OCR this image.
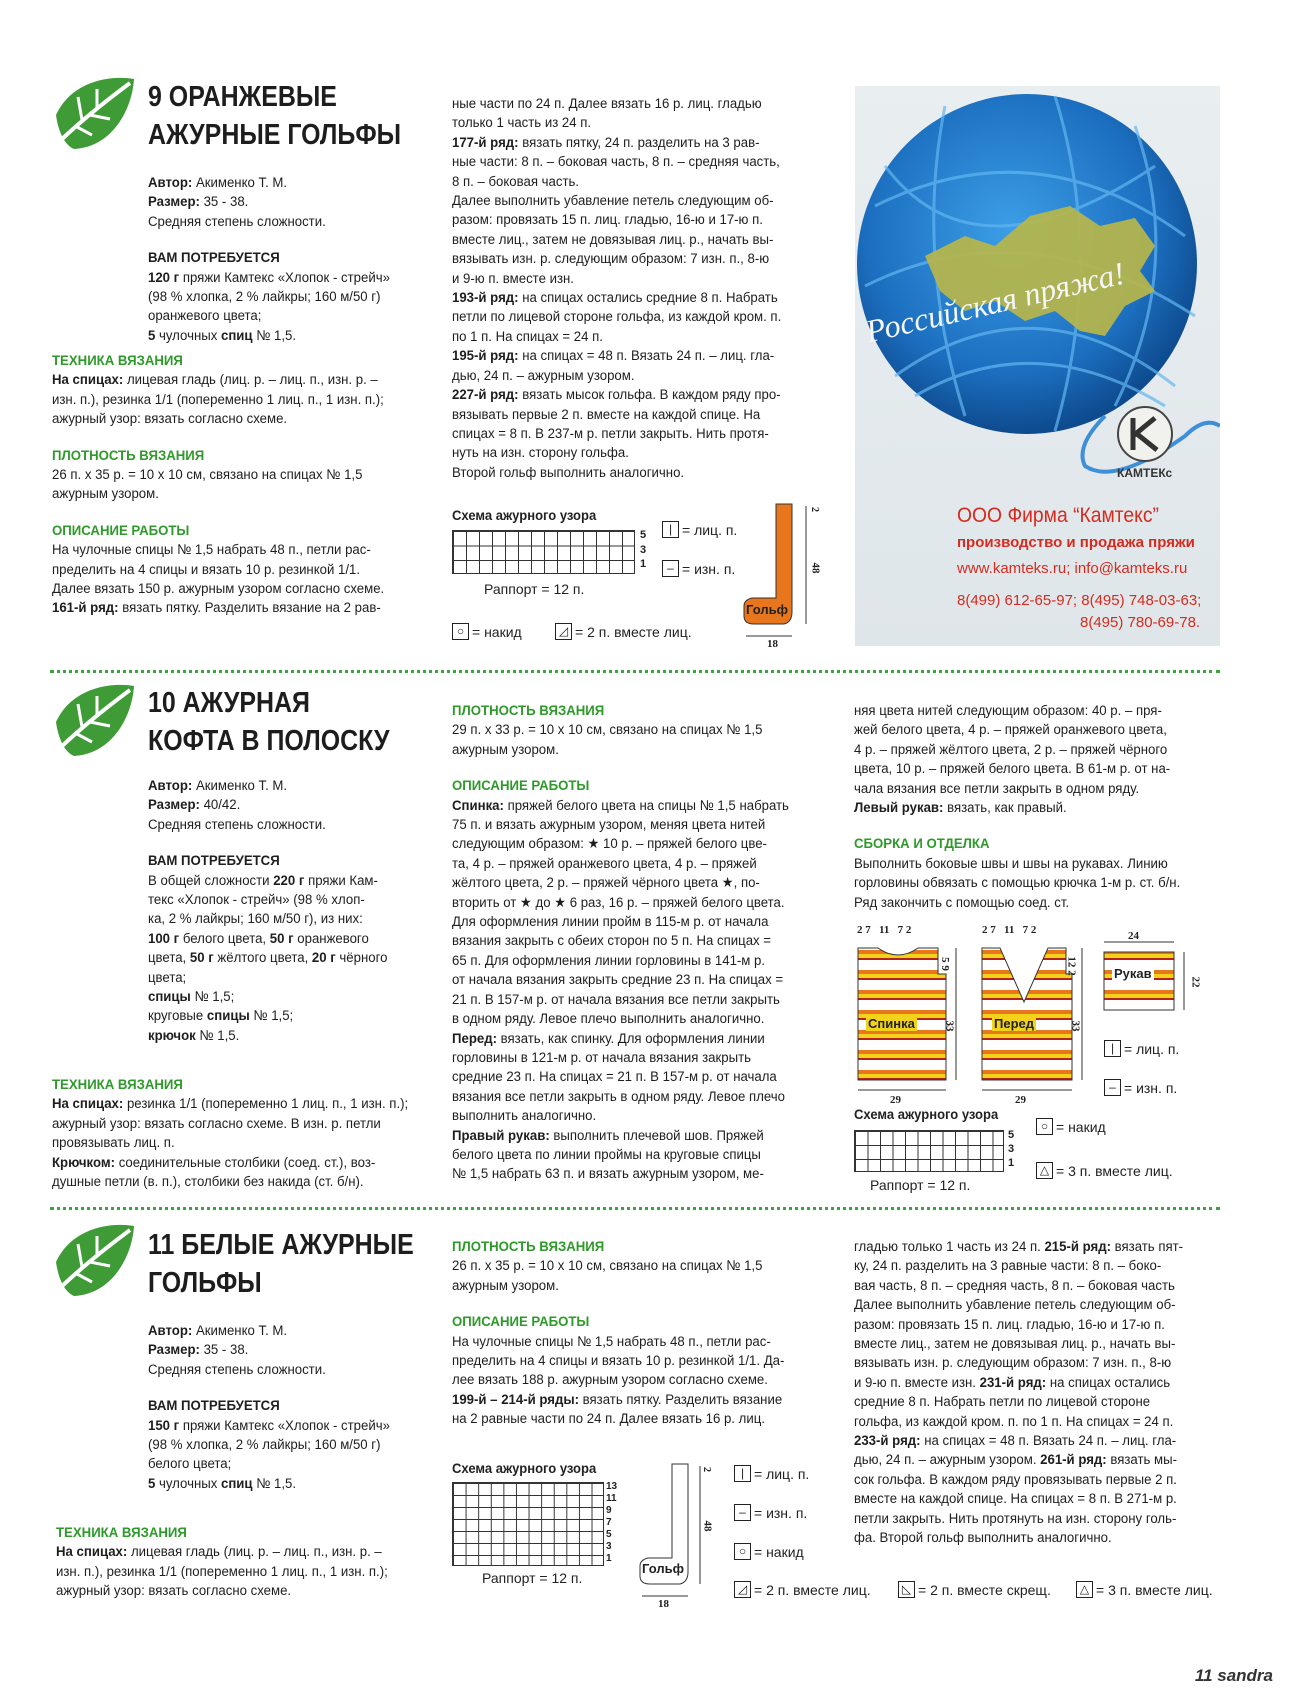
9 ОРАНЖЕВЫЕ
АЖУРНЫЕ ГОЛЬФЫ
Автор: Акименко Т. М.
Размер: 35 - 38.
Средняя степень сложности.
ВАМ ПОТРЕБУЕТСЯ
120 г пряжи Камтекс «Хлопок - стрейч»
(98 % хлопка, 2 % лайкры; 160 м/50 г)
оранжевого цвета;
5 чулочных спиц № 1,5.
ТЕХНИКА ВЯЗАНИЯ
На спицах: лицевая гладь (лиц. р. – лиц. п., изн. р. –
изн. п.), резинка 1/1 (попеременно 1 лиц. п., 1 изн. п.);
ажурный узор: вязать согласно схеме.
ПЛОТНОСТЬ ВЯЗАНИЯ
26 п. х 35 р. = 10 х 10 см, связано на спицах № 1,5
ажурным узором.
ОПИСАНИЕ РАБОТЫ
На чулочные спицы № 1,5 набрать 48 п., петли рас-
пределить на 4 спицы и вязать 10 р. резинкой 1/1.
Далее вязать 150 р. ажурным узором согласно схеме.
161-й ряд: вязать пятку. Разделить вязание на 2 рав-
ные части по 24 п. Далее вязать 16 р. лиц. гладью
только 1 часть из 24 п.
177-й ряд: вязать пятку, 24 п. разделить на 3 рав-
ные части: 8 п. – боковая часть, 8 п. – средняя часть,
8 п. – боковая часть.
Далее выполнить убавление петель следующим об-
разом: провязать 15 п. лиц. гладью, 16-ю и 17-ю п.
вместе лиц., затем не довязывая лиц. р., начать вы-
вязывать изн. р. следующим образом: 7 изн. п., 8-ю
и 9-ю п. вместе изн.
193-й ряд: на спицах остались средние 8 п. Набрать
петли по лицевой стороне гольфа, из каждой кром. п.
по 1 п. На спицах = 24 п.
195-й ряд: на спицах = 48 п. Вязать 24 п. – лиц. гла-
дью, 24 п. – ажурным узором.
227-й ряд: вязать мысок гольфа. В каждом ряду про-
вязывать первые 2 п. вместе на каждой спице. На
спицах = 8 п. В 237-м р. петли закрыть. Нить протя-
нуть на изн. сторону гольфа.
Второй гольф выполнить аналогично.
Схема ажурного узора
5
3
1
Раппорт = 12 п.
| = лиц. п.
– = изн. п.
○ = накид	◿ = 2 п. вместе лиц.
Гольф
18
48
2
Российская пряжа!
КАМТЕКс
ООО Фирма “Камтекс”
производство и продажа пряжи
www.kamteks.ru; info@kamteks.ru
8(499) 612-65-97; 8(495) 748-03-63;
8(495) 780-69-78.
10 АЖУРНАЯ
КОФТА В ПОЛОСКУ
Автор: Акименко Т. М.
Размер: 40/42.
Средняя степень сложности.
ВАМ ПОТРЕБУЕТСЯ
В общей сложности 220 г пряжи Кам-
текс «Хлопок - стрейч» (98 % хлоп-
ка, 2 % лайкры; 160 м/50 г), из них:
100 г белого цвета, 50 г оранжевого
цвета, 50 г жёлтого цвета, 20 г чёрного
цвета;
спицы № 1,5;
круговые спицы № 1,5;
крючок № 1,5.
ТЕХНИКА ВЯЗАНИЯ
На спицах: резинка 1/1 (попеременно 1 лиц. п., 1 изн. п.);
ажурный узор: вязать согласно схеме. В изн. р. петли
провязывать лиц. п.
Крючком: соединительные столбики (соед. ст.), воз-
душные петли (в. п.), столбики без накида (ст. б/н).
ПЛОТНОСТЬ ВЯЗАНИЯ
29 п. х 33 р. = 10 х 10 см, связано на спицах № 1,5
ажурным узором.
ОПИСАНИЕ РАБОТЫ
Спинка: пряжей белого цвета на спицы № 1,5 набрать
75 п. и вязать ажурным узором, меняя цвета нитей
следующим образом: ★ 10 р. – пряжей белого цве-
та, 4 р. – пряжей оранжевого цвета, 4 р. – пряжей
жёлтого цвета, 2 р. – пряжей чёрного цвета ★, по-
вторить от ★ до ★ 6 раз, 16 р. – пряжей белого цвета.
Для оформления линии пройм в 115-м р. от начала
вязания закрыть с обеих сторон по 5 п. На спицах =
65 п. Для оформления линии горловины в 141-м р.
от начала вязания закрыть средние 23 п. На спицах =
21 п. В 157-м р. от начала вязания все петли закрыть
в одном ряду. Левое плечо выполнить аналогично.
Перед: вязать, как спинку. Для оформления линии
горловины в 121-м р. от начала вязания закрыть
средние 23 п. На спицах = 21 п. В 157-м р. от начала
вязания все петли закрыть в одном ряду. Левое плечо
выполнить аналогично.
Правый рукав: выполнить плечевой шов. Пряжей
белого цвета по линии проймы на круговые спицы
№ 1,5 набрать 63 п. и вязать ажурным узором, ме-
няя цвета нитей следующим образом: 40 р. – пря-
жей белого цвета, 4 р. – пряжей оранжевого цвета,
4 р. – пряжей жёлтого цвета, 2 р. – пряжей чёрного
цвета, 10 р. – пряжей белого цвета. В 61-м р. от на-
чала вязания все петли закрыть в одном ряду.
Левый рукав: вязать, как правый.
СБОРКА И ОТДЕЛКА
Выполнить боковые швы и швы на рукавах. Линию
горловины обвязать с помощью крючка 1-м р. ст. б/н.
Ряд закончить с помощью соед. ст.
2 7   11   7 2	2 7   11   7 2
Спинка	Перед
Рукав
29	29
33	33
5 9	12 2
24
22
| = лиц. п.
– = изн. п.
Схема ажурного узора
5
3
1
Раппорт = 12 п.
○ = накид
△ = 3 п. вместе лиц.
11 БЕЛЫЕ АЖУРНЫЕ
ГОЛЬФЫ
Автор: Акименко Т. М.
Размер: 35 - 38.
Средняя степень сложности.
ВАМ ПОТРЕБУЕТСЯ
150 г пряжи Камтекс «Хлопок - стрейч»
(98 % хлопка, 2 % лайкры; 160 м/50 г)
белого цвета;
5 чулочных спиц № 1,5.
ТЕХНИКА ВЯЗАНИЯ
На спицах: лицевая гладь (лиц. р. – лиц. п., изн. р. –
изн. п.), резинка 1/1 (попеременно 1 лиц. п., 1 изн. п.);
ажурный узор: вязать согласно схеме.
ПЛОТНОСТЬ ВЯЗАНИЯ
26 п. х 35 р. = 10 х 10 см, связано на спицах № 1,5
ажурным узором.
ОПИСАНИЕ РАБОТЫ
На чулочные спицы № 1,5 набрать 48 п., петли рас-
пределить на 4 спицы и вязать 10 р. резинкой 1/1. Да-
лее вязать 188 р. ажурным узором согласно схеме.
199-й – 214-й ряды: вязать пятку. Разделить вязание
на 2 равные части по 24 п. Далее вязать 16 р. лиц.
гладью только 1 часть из 24 п. 215-й ряд: вязать пят-
ку, 24 п. разделить на 3 равные части: 8 п. – боко-
вая часть, 8 п. – средняя часть, 8 п. – боковая часть
Далее выполнить убавление петель следующим об-
разом: провязать 15 п. лиц. гладью, 16-ю и 17-ю п.
вместе лиц., затем не довязывая лиц. р., начать вы-
вязывать изн. р. следующим образом: 7 изн. п., 8-ю
и 9-ю п. вместе изн. 231-й ряд: на спицах остались
средние 8 п. Набрать петли по лицевой стороне
гольфа, из каждой кром. п. по 1 п. На спицах = 24 п.
233-й ряд: на спицах = 48 п. Вязать 24 п. – лиц. гла-
дью, 24 п. – ажурным узором. 261-й ряд: вязать мы-
сок гольфа. В каждом ряду провязывать первые 2 п.
вместе на каждой спице. На спицах = 8 п. В 271-м р.
петли закрыть. Нить протянуть на изн. сторону голь-
фа. Второй гольф выполнить аналогично.
Схема ажурного узора
13
11
9
7
5
3
1
Раппорт = 12 п.
Гольф
18
48
2	| = лиц. п.
– = изн. п.
○ = накид
◿ = 2 п. вместе лиц.	◺ = 2 п. вместе скрещ.	△ = 3 п. вместе лиц.
11 sandra
